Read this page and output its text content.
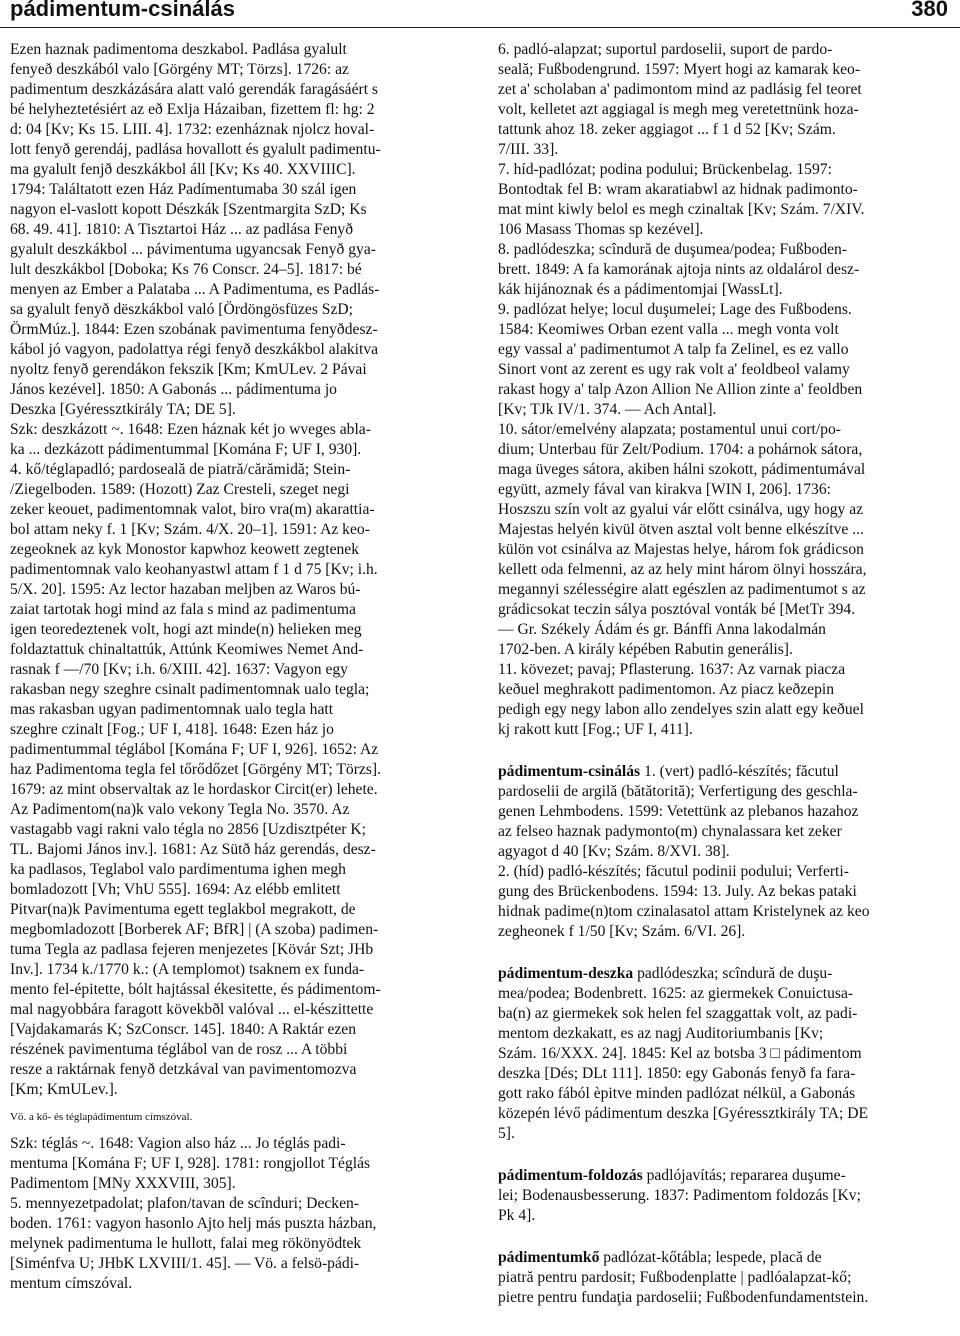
pádimentum-csinálás	380
Ezen haznak padimentoma deszkabol. Padlása gyalult
fenyeð deszkából valo [Görgény MT; Törzs]. 1726: az
padimentum deszkázására alatt való gerendák faragásáért s
bé helyheztetésiért az eð Exlja Házaiban, fizettem fl: hg: 2
d: 04 [Kv; Ks 15. LIII. 4]. 1732: ezenháznak njolcz hoval-
lott fenyð gerendáj, padlása hovallott és gyalult padimentu-
ma gyalult fenjð deszkákbol áll [Kv; Ks 40. XXVIIIC].
1794: Találtatott ezen Ház Padímentumaba 30 szál igen
nagyon el-vaslott kopott Dészkák [Szentmargita SzD; Ks
68. 49. 41]. 1810: A Tisztartoi Ház ... az padlása Fenyð
gyalult deszkákbol ... pávimentuma ugyancsak Fenyð gya-
lult deszkákbol [Doboka; Ks 76 Conscr. 24–5]. 1817: bé
menyen az Ember a Palataba ... A Padimentuma, es Padlás-
sa gyalult fenyð dëszkákbol való [Ördöngösfüzes SzD;
ÖrmMúz.]. 1844: Ezen szobának pavimentuma fenyðdesz-
kábol jó vagyon, padolattya régi fenyð deszkákbol alakitva
nyoltz fenyð gerendákon fekszik [Km; KmULev. 2 Pávai
János kezével]. 1850: A Gabonás ... pádimentuma jo
Deszka [Gyéressztkirály TA; DE 5].
Szk: deszkázott ~. 1648: Ezen háznak két jo wveges abla-
ka ... dezkázott pádimentummal [Komána F; UF I, 930].
4. kő/téglapadló; pardoseală de piatră/cărămidă; Stein-
/Ziegelboden. 1589: (Hozott) Zaz Cresteli, szeget negi
zeker keouet, padimentomnak valot, biro vra(m) akarattia-
bol attam neky f. 1 [Kv; Szám. 4/X. 20–1]. 1591: Az keo-
zegeoknek az kyk Monostor kapwhoz keowett zegtenek
padimentomnak valo keohanyastwl attam f 1 d 75 [Kv; i.h.
5/X. 20]. 1595: Az lector hazaban meljben az Waros bú-
zaiat tartotak hogi mind az fala s mind az padimentuma
igen teoredeztenek volt, hogi azt minde(n) helieken meg
foldaztattuk chinaltattúk, Attúnk Keomiwes Nemet And-
rasnak f —/70 [Kv; i.h. 6/XIII. 42]. 1637: Vagyon egy
rakasban negy szeghre csinalt padimentomnak ualo tegla;
mas rakasban ugyan padimentomnak ualo tegla hatt
szeghre czinalt [Fog.; UF I, 418]. 1648: Ezen ház jo
padimentummal téglábol [Komána F; UF I, 926]. 1652: Az
haz Padimentoma tegla fel tőrődőzet [Görgény MT; Törzs].
1679: az mint observaltak az le hordaskor Circit(er) lehete.
Az Padimentom(na)k valo vekony Tegla No. 3570. Az
vastagabb vagi rakni valo tégla no 2856 [Uzdisztpéter K;
TL. Bajomi János inv.]. 1681: Az Sütð ház gerendás, desz-
ka padlasos, Teglabol valo pardimentuma ighen megh
bomladozott [Vh; VhU 555]. 1694: Az elébb emlitett
Pitvar(na)k Pavimentuma egett teglakbol megrakott, de
megbomladozott [Borberek AF; BfR] | (A szoba) padimen-
tuma Tegla az padlasa fejeren menjezetes [Kövár Szt; JHb
Inv.]. 1734 k./1770 k.: (A templomot) tsaknem ex funda-
mento fel-épitette, bólt hajtással ékesitette, és pádimentom-
mal nagyobbára faragott kövekbðl valóval ... el-készittette
[Vajdakamarás K; SzConscr. 145]. 1840: A Raktár ezen
részének pavimentuma téglábol van de rosz ... A többi
resze a raktárnak fenyð detzkával van pavimentomozva
[Km; KmULev.].
Vö. a kő- és téglapádimentum címszóval.
Szk: téglás ~. 1648: Vagion also ház ... Jo téglás padi-
mentuma [Komána F; UF I, 928]. 1781: rongjollot Téglás
Padimentom [MNy XXXVIII, 305].
5. mennyezetpadolat; plafon/tavan de scînduri; Decken-
boden. 1761: vagyon hasonlo Ajto helj más puszta házban,
melynek padimentuma le hullott, falai meg rökönyödtek
[Siménfva U; JHbK LXVIII/1. 45]. — Vö. a felsö-pádi-
mentum címszóval.
6. padló-alapzat; suportul pardoselii, suport de pardo-
seală; Fußbodengrund. 1597: Myert hogi az kamarak keo-
zet a' scholaban a' padimontom mind az padlásig fel teoret
volt, kelletet azt aggiagal is megh meg veretettnünk hoza-
tattunk ahoz 18. zeker aggiagot ... f 1 d 52 [Kv; Szám.
7/III. 33].
7. híd-padlózat; podina podului; Brückenbelag. 1597:
Bontodtak fel B: wram akaratiabwl az hidnak padimonto-
mat mint kiwly belol es megh czinaltak [Kv; Szám. 7/XIV.
106 Masass Thomas sp kezével].
8. padlódeszka; scîndură de duşumea/podea; Fußboden-
brett. 1849: A fa kamorának ajtoja nints az oldalárol desz-
kák hijánoznak és a pádimentomjai [WassLt].
9. padlózat helye; locul duşumelei; Lage des Fußbodens.
1584: Keomiwes Orban ezent valla ... megh vonta volt
egy vassal a' padimentumot A talp fa Zelinel, es ez vallo
Sinort vont az zerent es ugy rak volt a' feoldbeol valamy
rakast hogy a' talp Azon Allion Ne Allion zinte a' feoldben
[Kv; TJk IV/1. 374. — Ach Antal].
10. sátor/emelvény alapzata; postamentul unui cort/po-
dium; Unterbau für Zelt/Podium. 1704: a pohárnok sátora,
maga üveges sátora, akiben hálni szokott, pádimentumával
együtt, azmely fával van kirakva [WIN I, 206]. 1736:
Hoszszu szín volt az gyalui vár előtt csinálva, ugy hogy az
Majestas helyén kivül ötven asztal volt benne elkészítve ...
külön vot csinálva az Majestas helye, három fok grádicson
kellett oda felmenni, az az hely mint három ölnyi hosszára,
megannyi szélességire alatt egészlen az padimentumot s az
grádicsokat teczin sálya posztóval vonták bé [MetTr 394.
— Gr. Székely Ádám és gr. Bánffi Anna lakodalmán
1702-ben. A király képében Rabutin generális].
11. kövezet; pavaj; Pflasterung. 1637: Az varnak piacza
keðuel meghrakott padimentomon. Az piacz keðzepin
pedigh egy negy labon allo zendelyes szin alatt egy keðuel
kj rakott kutt [Fog.; UF I, 411].
pádimentum-csinálás 1. (vert) padló-készítés; făcutul
pardoselii de argilă (bătătorită); Verfertigung des geschla-
genen Lehmbodens. 1599: Vetettünk az plebanos hazahoz
az felseo haznak padymonto(m) chynalassara ket zeker
agyagot d 40 [Kv; Szám. 8/XVI. 38].
2. (híd) padló-készítés; făcutul podinii podului; Verferti-
gung des Brückenbodens. 1594: 13. July. Az bekas pataki
hidnak padime(n)tom czinalasatol attam Kristelynek az keo
zegheonek f 1/50 [Kv; Szám. 6/VI. 26].
pádimentum-deszka padlódeszka; scîndură de duşu-
mea/podea; Bodenbrett. 1625: az giermekek Conuictusa-
ba(n) az giermekek sok helen fel szaggattak volt, az padi-
mentom dezkakatt, es az nagj Auditoriumbanis [Kv;
Szám. 16/XXX. 24]. 1845: Kel az botsba 3 □ pádimentom
deszka [Dés; DLt 111]. 1850: egy Gabonás fenyð fa fara-
gott rako fából èpitve minden padlózat nélkül, a Gabonás
közepén lévő pádimentum deszka [Gyéressztkirály TA; DE
5].
pádimentum-foldozás padlójavítás; repararea duşume-
lei; Bodenausbesserung. 1837: Padimentom foldozás [Kv;
Pk 4].
pádimentumkő padlózat-kőtábla; lespede, placă de
piatră pentru pardosit; Fußbodenplatte | padlóalapzat-kő;
pietre pentru fundaţia pardoselii; Fußbodenfundamentstein.
